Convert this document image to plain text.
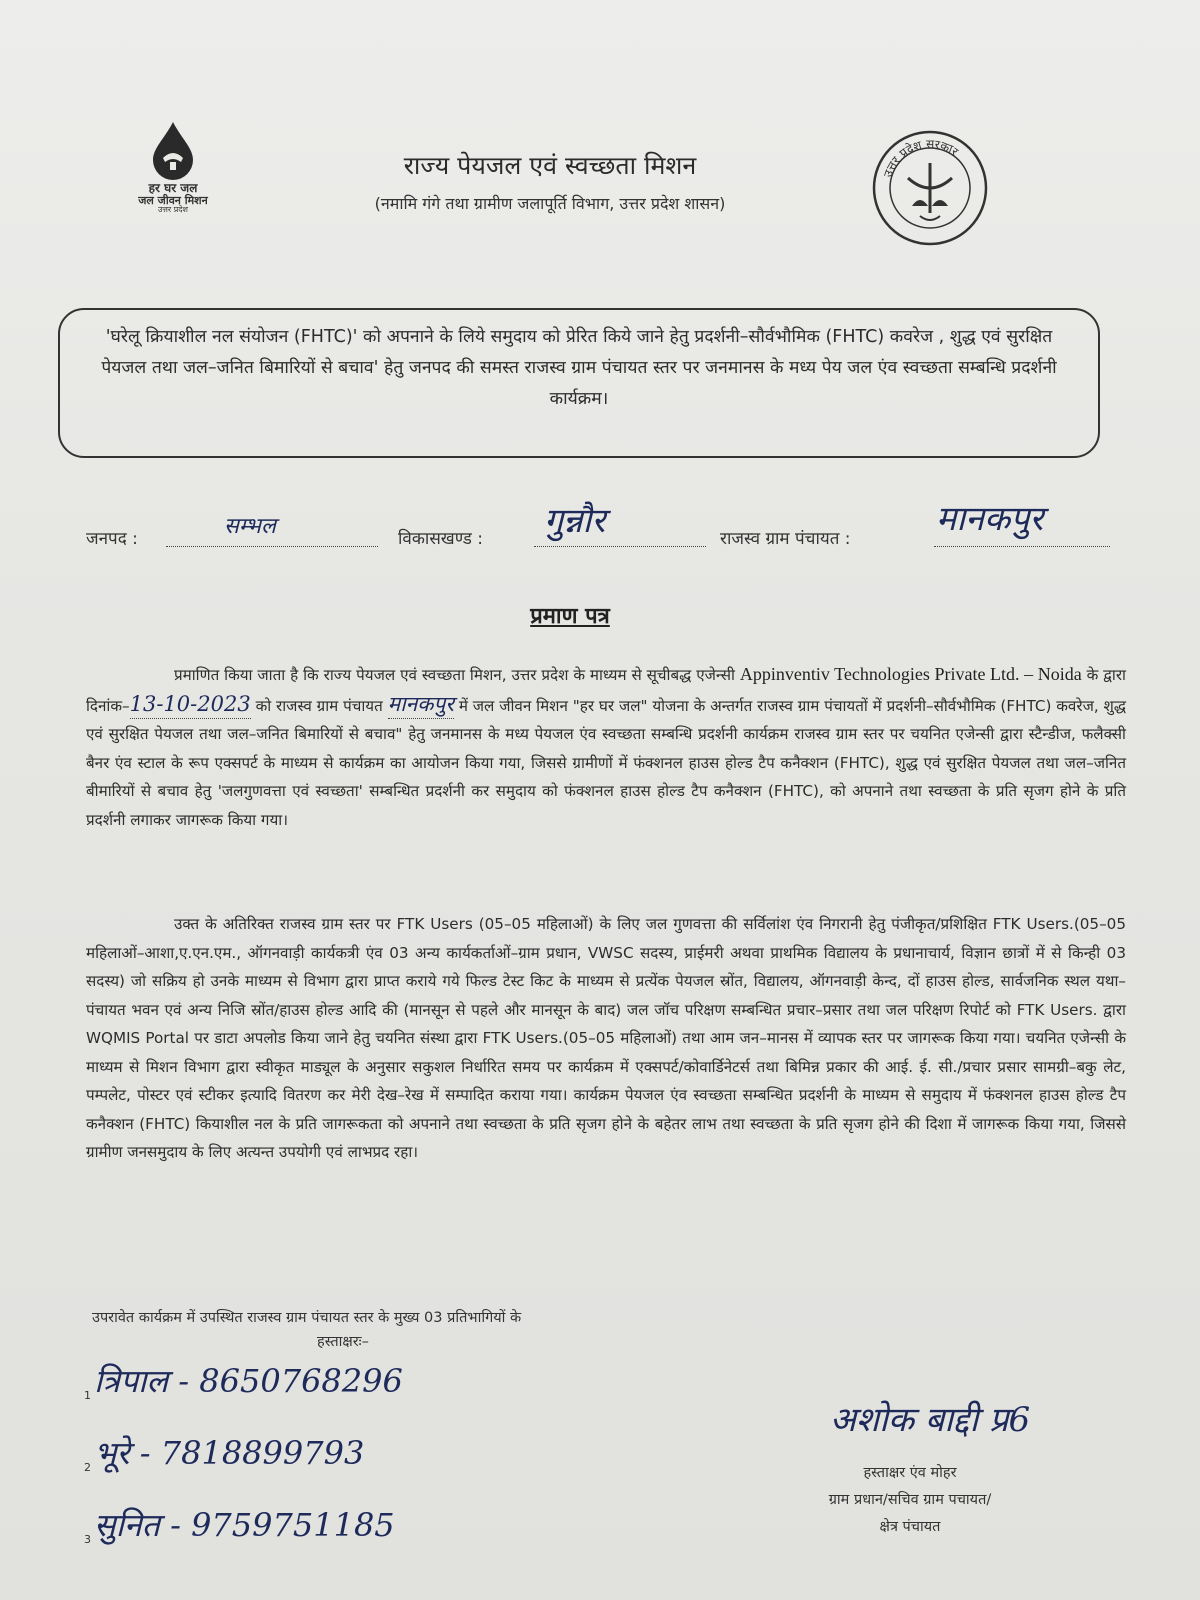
हर घर जल
जल जीवन मिशन
उत्तर प्रदेश
राज्य पेयजल एवं स्वच्छता मिशन
(नमामि गंगे तथा ग्रामीण जलापूर्ति विभाग, उत्तर प्रदेश शासन)
उत्तर प्रदेश सरकार
'घरेलू क्रियाशील नल संयोजन (FHTC)' को अपनाने के लिये समुदाय को प्रेरित किये जाने हेतु प्रदर्शनी–सौर्वभौमिक (FHTC) कवरेज , शुद्ध एवं सुरक्षित पेयजल तथा जल–जनित बिमारियों से बचाव' हेतु जनपद की समस्त राजस्व ग्राम पंचायत स्तर पर जनमानस के मध्य पेय जल एंव स्वच्छता सम्बन्धि प्रदर्शनी कार्यक्रम।
जनपद :	सम्भल	विकासखण्ड : गुन्नौर	राजस्व ग्राम पंचायत :	मानकपुर
प्रमाण पत्र
प्रमाणित किया जाता है कि राज्य पेयजल एवं स्वच्छता मिशन, उत्तर प्रदेश के माध्यम से सूचीबद्ध एजेन्सी Appinventiv Technologies Private Ltd. – Noida के द्वारा दिनांक–13-10-2023 को राजस्व ग्राम पंचायत मानकपुर में जल जीवन मिशन "हर घर जल" योजना के अन्तर्गत राजस्व ग्राम पंचायतों में प्रदर्शनी–सौर्वभौमिक (FHTC) कवरेज, शुद्ध एवं सुरक्षित पेयजल तथा जल–जनित बिमारियों से बचाव" हेतु जनमानस के मध्य पेयजल एंव स्वच्छता सम्बन्धि प्रदर्शनी कार्यक्रम राजस्व ग्राम स्तर पर चयनित एजेन्सी द्वारा स्टैन्डीज, फलैक्सी बैनर एंव स्टाल के रूप एक्सपर्ट के माध्यम से कार्यक्रम का आयोजन किया गया, जिससे ग्रामीणों में फंक्शनल हाउस होल्ड टैप कनैक्शन (FHTC), शुद्ध एवं सुरक्षित पेयजल तथा जल–जनित बीमारियों से बचाव हेतु 'जलगुणवत्ता एवं स्वच्छता' सम्बन्धित प्रदर्शनी कर समुदाय को फंक्शनल हाउस होल्ड टैप कनैक्शन (FHTC), को अपनाने तथा स्वच्छता के प्रति सृजग होने के प्रति प्रदर्शनी लगाकर जागरूक किया गया।
उक्त के अतिरिक्त राजस्व ग्राम स्तर पर FTK Users (05–05 महिलाओं) के लिए जल गुणवत्ता की सर्विलांश एंव निगरानी हेतु पंजीकृत/प्रशिक्षित FTK Users.(05–05 महिलाओं–आशा,ए.एन.एम., ऑगनवाड़ी कार्यकत्री एंव 03 अन्य कार्यकर्ताओं–ग्राम प्रधान, VWSC सदस्य, प्राईमरी अथवा प्राथमिक विद्यालय के प्रधानाचार्य, विज्ञान छात्रों में से किन्ही 03 सदस्य) जो सक्रिय हो उनके माध्यम से विभाग द्वारा प्राप्त कराये गये फिल्ड टेस्ट किट के माध्यम से प्रत्येंक पेयजल स्रोंत, विद्यालय, ऑगनवाड़ी केन्द, दों हाउस होल्ड, सार्वजनिक स्थल यथा–पंचायत भवन एवं अन्य निजि स्रोंत/हाउस होल्ड आदि की (मानसून से पहले और मानसून के बाद) जल जॉच परिक्षण सम्बन्धित प्रचार–प्रसार तथा जल परिक्षण रिपोर्ट को FTK Users. द्वारा WQMIS Portal पर डाटा अपलोड किया जाने हेतु चयनित संस्था द्वारा FTK Users.(05–05 महिलाओं) तथा आम जन–मानस में व्यापक स्तर पर जागरूक किया गया। चयनित एजेन्सी के माध्यम से मिशन विभाग द्वारा स्वीकृत माड्यूल के अनुसार सकुशल निर्धारित समय पर कार्यक्रम में एक्सपर्ट/कोवार्डिनेटर्स तथा बिमिन्न प्रकार की आई. ई. सी./प्रचार प्रसार सामग्री–बकु लेट, पम्पलेट, पोस्टर एवं स्टीकर इत्यादि वितरण कर मेरी देख–रेख में सम्पादित कराया गया। कार्यक्रम पेयजल एंव स्वच्छता सम्बन्धित प्रदर्शनी के माध्यम से समुदाय में फंक्शनल हाउस होल्ड टैप कनैक्शन (FHTC) कियाशील नल के प्रति जागरूकता को अपनाने तथा स्वच्छता के प्रति सृजग होने के बहेतर लाभ तथा स्वच्छता के प्रति सृजग होने की दिशा में जागरूक किया गया, जिससे ग्रामीण जनसमुदाय के लिए अत्यन्त उपयोगी एवं लाभप्रद रहा।
उपरावेत कार्यक्रम में उपस्थित राजस्व ग्राम पंचायत स्तर के मुख्य 03 प्रतिभागियों के
हस्ताक्षरः–
1 त्रिपाल - 8650768296
2 भूरे - 7818899793
3 सुनित - 9759751185
अशोक बाद्दी प्र6
हस्ताक्षर एंव मोहर
ग्राम प्रधान/सचिव ग्राम पचायत/
क्षेत्र पंचायत
